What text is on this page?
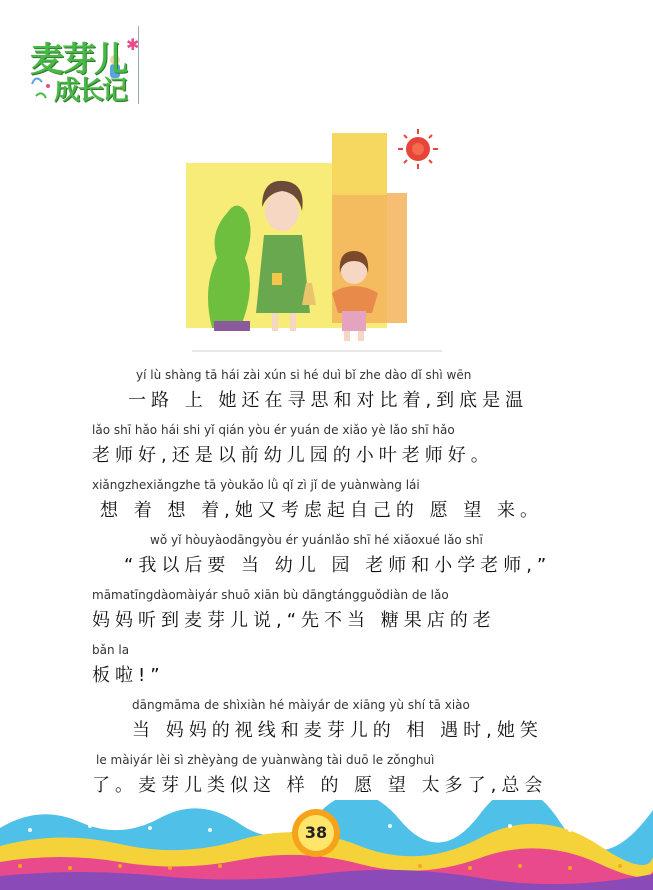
✱
麦芽儿
成长记
yí lù shàng tā hái zài xún si hé duì bǐ zhe dào dǐ shì wēn
一路 上 她还在寻思和对比着,到底是温
lǎo shī hǎo hái shi yǐ qián yòu ér yuán de xiǎo yè lǎo shī hǎo
老师好,还是以前幼儿园的小叶老师好。
xiǎngzhexiǎngzhe tā yòukǎo lǜ qǐ zì jǐ de yuànwàng lái
想 着 想 着,她又考虑起自己的 愿 望 来。
wǒ yǐ hòuyàodāngyòu ér yuánlǎo shī hé xiǎoxué lǎo shī
“我以后要 当 幼儿 园 老师和小学老师,”
māmatīngdàomàiyár shuō xiān bù dāngtángguǒdiàn de lǎo
妈妈听到麦芽儿说,“先不当 糖果店的老
bǎn la
板啦!”
dāngmāma de shìxiàn hé màiyár de xiāng yù shí tā xiào
当 妈妈的视线和麦芽儿的 相 遇时,她笑
le màiyár lèi sì zhèyàng de yuànwàng tài duō le zǒnghuì
了。麦芽儿类似这 样 的 愿 望 太多了,总会
38
